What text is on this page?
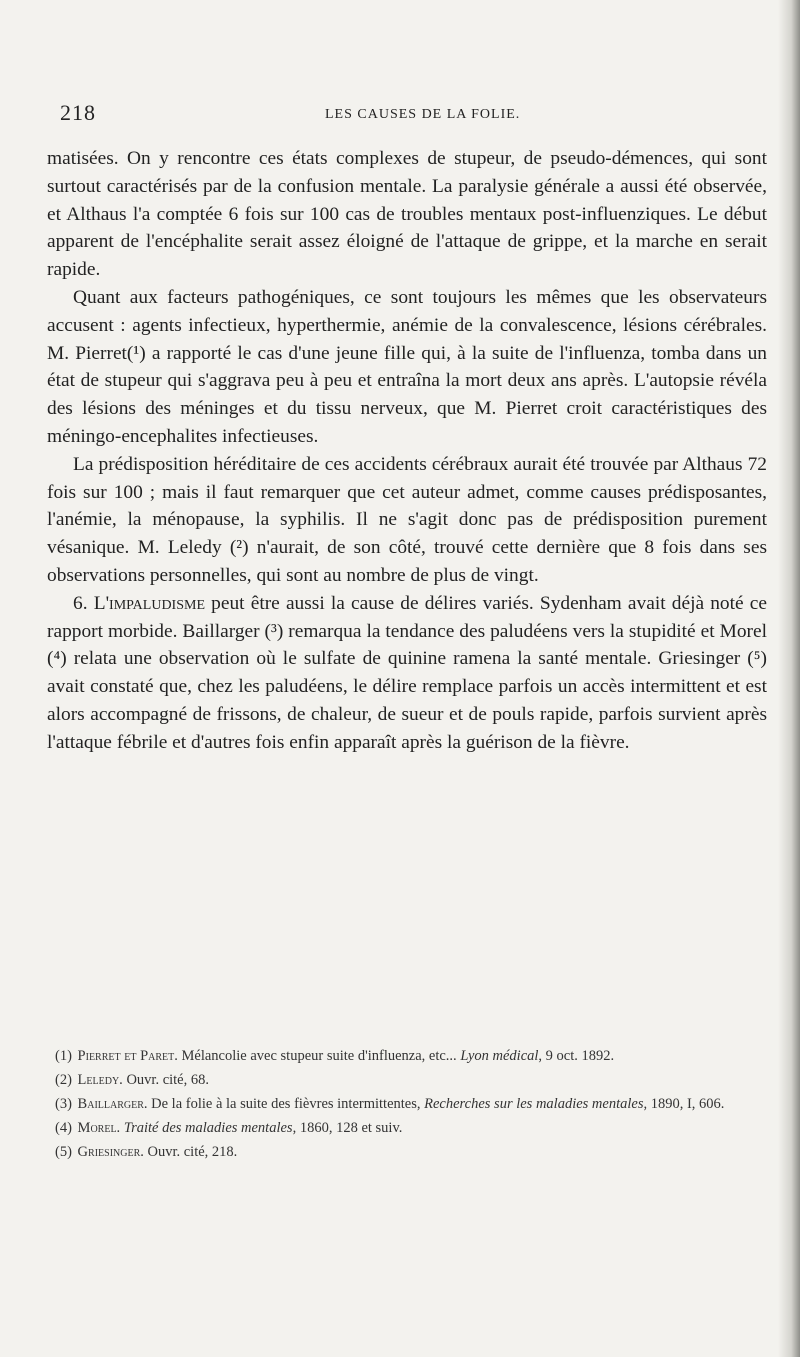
218	LES CAUSES DE LA FOLIE.

matisées. On y rencontre ces états complexes de stupeur, de pseudo-démences, qui sont surtout caractérisés par de la confusion mentale. La paralysie générale a aussi été observée, et Althaus l'a comptée 6 fois sur 100 cas de troubles mentaux post-influenziques. Le début apparent de l'encéphalite serait assez éloigné de l'attaque de grippe, et la marche en serait rapide.

Quant aux facteurs pathogéniques, ce sont toujours les mêmes que les observateurs accusent : agents infectieux, hyperthermie, anémie de la convalescence, lésions cérébrales. M. Pierret(¹) a rapporté le cas d'une jeune fille qui, à la suite de l'influenza, tomba dans un état de stupeur qui s'aggrava peu à peu et entraîna la mort deux ans après. L'autopsie révéla des lésions des méninges et du tissu nerveux, que M. Pierret croit caractéristiques des méningo-encephalites infectieuses.

La prédisposition héréditaire de ces accidents cérébraux aurait été trouvée par Althaus 72 fois sur 100 ; mais il faut remarquer que cet auteur admet, comme causes prédisposantes, l'anémie, la ménopause, la syphilis. Il ne s'agit donc pas de prédisposition purement vésanique. M. Leledy (²) n'aurait, de son côté, trouvé cette dernière que 8 fois dans ses observations personnelles, qui sont au nombre de plus de vingt.

6. L'impaludisme peut être aussi la cause de délires variés. Sydenham avait déjà noté ce rapport morbide. Baillarger (³) remarqua la tendance des paludéens vers la stupidité et Morel (⁴) relata une observation où le sulfate de quinine ramena la santé mentale. Griesinger (⁵) avait constaté que, chez les paludéens, le délire remplace parfois un accès intermittent et est alors accompagné de frissons, de chaleur, de sueur et de pouls rapide, parfois survient après l'attaque fébrile et d'autres fois enfin apparaît après la guérison de la fièvre.

(1) Pierret et Paret. Mélancolie avec stupeur suite d'influenza, etc... Lyon médical, 9 oct. 1892.

(2) Leledy. Ouvr. cité, 68.

(3) Baillarger. De la folie à la suite des fièvres intermittentes, Recherches sur les maladies mentales, 1890, I, 606.

(4) Morel. Traité des maladies mentales, 1860, 128 et suiv.

(5) Griesinger. Ouvr. cité, 218.
